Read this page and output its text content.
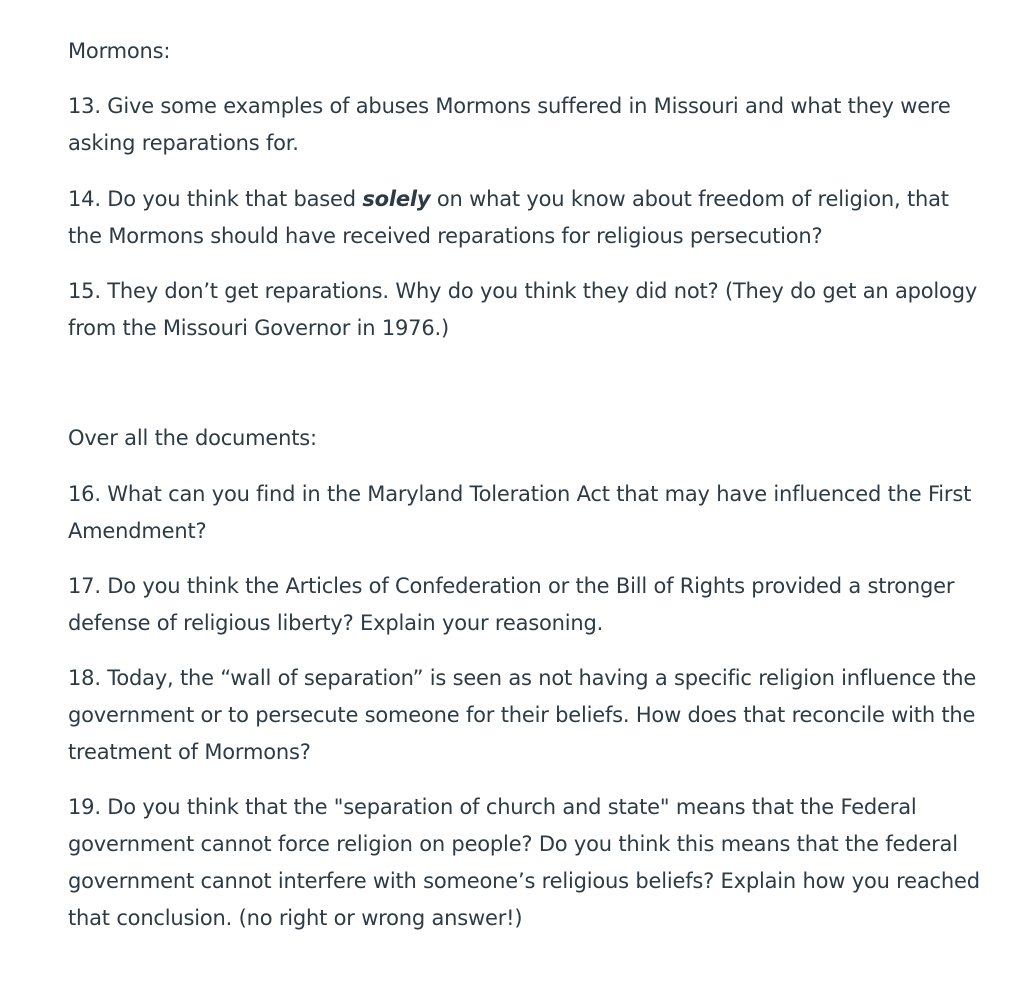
Mormons:

13. Give some examples of abuses Mormons suffered in Missouri and what they were asking reparations for.

14. Do you think that based solely on what you know about freedom of religion, that the Mormons should have received reparations for religious persecution?

15. They don’t get reparations. Why do you think they did not? (They do get an apology from the Missouri Governor in 1976.)

Over all the documents:

16. What can you find in the Maryland Toleration Act that may have influenced the First Amendment?

17. Do you think the Articles of Confederation or the Bill of Rights provided a stronger defense of religious liberty? Explain your reasoning.

18. Today, the “wall of separation” is seen as not having a specific religion influence the government or to persecute someone for their beliefs. How does that reconcile with the treatment of Mormons?

19. Do you think that the "separation of church and state" means that the Federal government cannot force religion on people? Do you think this means that the federal government cannot interfere with someone’s religious beliefs? Explain how you reached that conclusion. (no right or wrong answer!)
